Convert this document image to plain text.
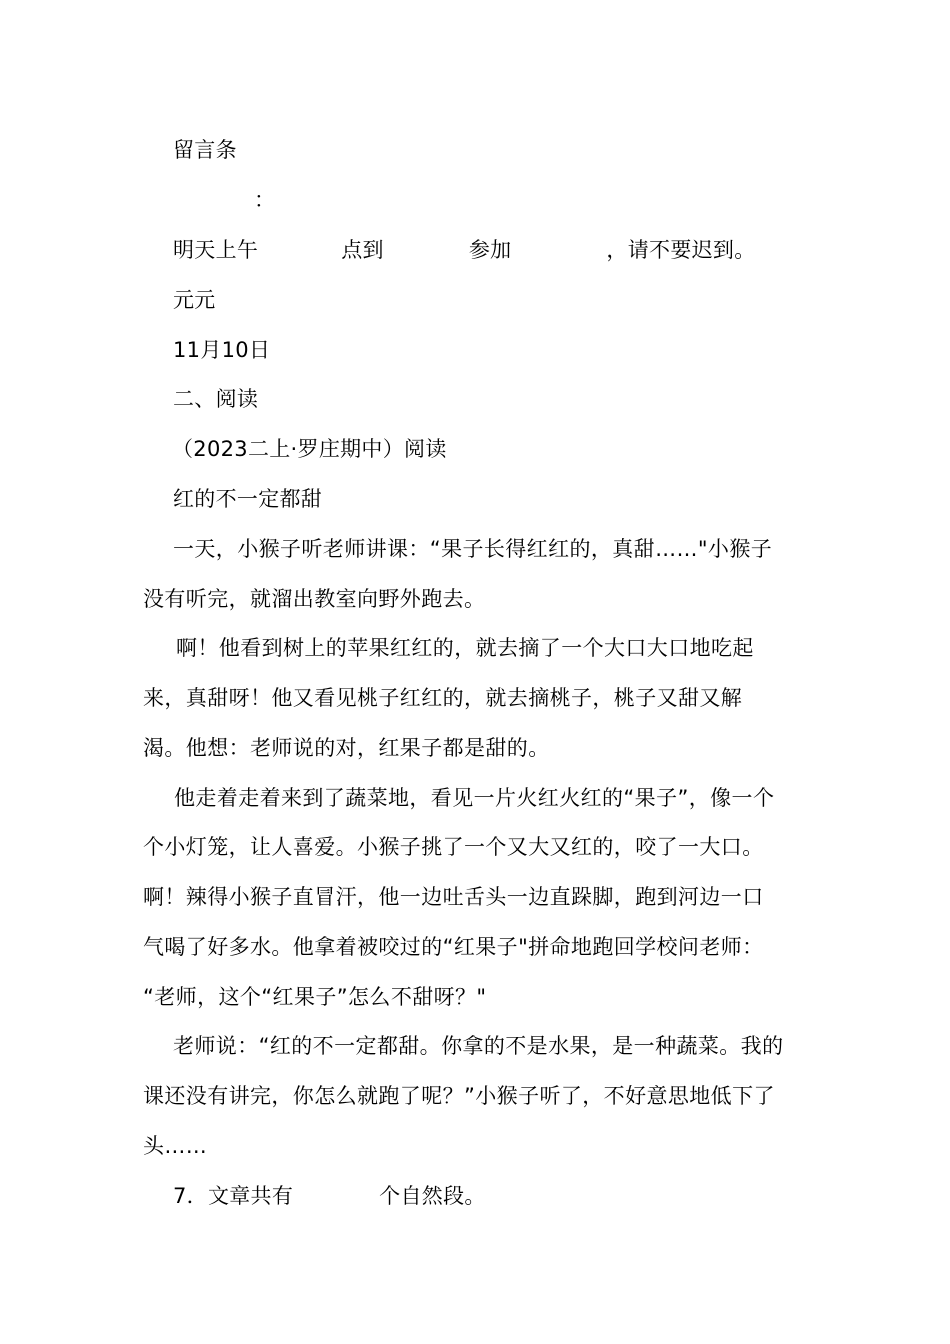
留言条
：
明天上午	点到	参加	，请不要迟到。
元元
11月10日
二、阅读
（2023二上·罗庄期中）阅读
红的不一定都甜
一天，小猴子听老师讲课：“果子长得红红的，真甜……"小猴子
没有听完，就溜出教室向野外跑去。
啊！他看到树上的苹果红红的，就去摘了一个大口大口地吃起
来，真甜呀！他又看见桃子红红的，就去摘桃子，桃子又甜又解
渴。他想：老师说的对，红果子都是甜的。
他走着走着来到了蔬菜地，看见一片火红火红的“果子”，像一个
个小灯笼，让人喜爱。小猴子挑了一个又大又红的，咬了一大口。
啊！辣得小猴子直冒汗，他一边吐舌头一边直跺脚，跑到河边一口
气喝了好多水。他拿着被咬过的“红果子"拼命地跑回学校问老师：
“老师，这个“红果子”怎么不甜呀？"
老师说：“红的不一定都甜。你拿的不是水果，是一种蔬菜。我的
课还没有讲完，你怎么就跑了呢？”小猴子听了，不好意思地低下了
头……
7．文章共有	个自然段。
